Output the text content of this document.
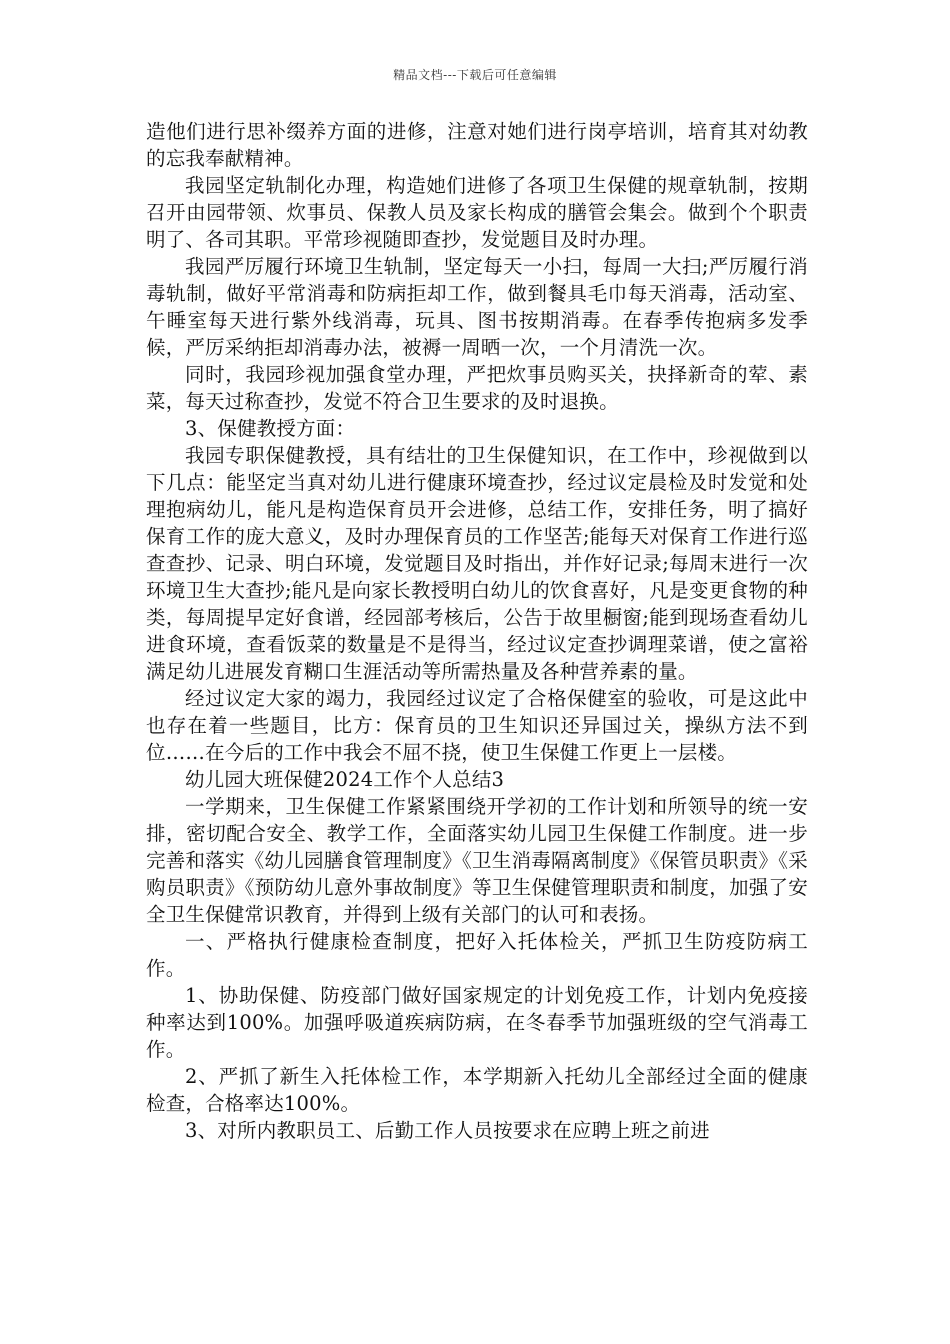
精品文档---下载后可任意编辑

造他们进行思补缀养方面的进修，注意对她们进行岗亭培训，培育其对幼教的忘我奉献精神。

我园坚定轨制化办理，构造她们进修了各项卫生保健的规章轨制，按期召开由园带领、炊事员、保教人员及家长构成的膳管会集会。做到个个职责明了、各司其职。平常珍视随即查抄，发觉题目及时办理。

我园严厉履行环境卫生轨制，坚定每天一小扫，每周一大扫;严厉履行消毒轨制，做好平常消毒和防病拒却工作，做到餐具毛巾每天消毒，活动室、午睡室每天进行紫外线消毒，玩具、图书按期消毒。在春季传抱病多发季候，严厉采纳拒却消毒办法，被褥一周晒一次，一个月清洗一次。

同时，我园珍视加强食堂办理，严把炊事员购买关，抉择新奇的荤、素菜，每天过称查抄，发觉不符合卫生要求的及时退换。

3、保健教授方面：

我园专职保健教授，具有结壮的卫生保健知识，在工作中，珍视做到以下几点：能坚定当真对幼儿进行健康环境查抄，经过议定晨检及时发觉和处理抱病幼儿，能凡是构造保育员开会进修，总结工作，安排任务，明了搞好保育工作的庞大意义，及时办理保育员的工作坚苦;能每天对保育工作进行巡查查抄、记录、明白环境，发觉题目及时指出，并作好记录;每周末进行一次环境卫生大查抄;能凡是向家长教授明白幼儿的饮食喜好，凡是变更食物的种类，每周提早定好食谱，经园部考核后，公告于故里橱窗;能到现场查看幼儿进食环境，查看饭菜的数量是不是得当，经过议定查抄调理菜谱，使之富裕满足幼儿进展发育糊口生涯活动等所需热量及各种营养素的量。

经过议定大家的竭力，我园经过议定了合格保健室的验收，可是这此中也存在着一些题目，比方：保育员的卫生知识还异国过关，操纵方法不到位……在今后的工作中我会不屈不挠，使卫生保健工作更上一层楼。

幼儿园大班保健2024工作个人总结3

一学期来，卫生保健工作紧紧围绕开学初的工作计划和所领导的统一安排，密切配合安全、教学工作，全面落实幼儿园卫生保健工作制度。进一步完善和落实《幼儿园膳食管理制度》《卫生消毒隔离制度》《保管员职责》《采购员职责》《预防幼儿意外事故制度》等卫生保健管理职责和制度，加强了安全卫生保健常识教育，并得到上级有关部门的认可和表扬。

一、严格执行健康检查制度，把好入托体检关，严抓卫生防疫防病工作。

1、协助保健、防疫部门做好国家规定的计划免疫工作，计划内免疫接种率达到100%。加强呼吸道疾病防病，在冬春季节加强班级的空气消毒工作。

2、严抓了新生入托体检工作，本学期新入托幼儿全部经过全面的健康检查，合格率达100%。

3、对所内教职员工、后勤工作人员按要求在应聘上班之前进
